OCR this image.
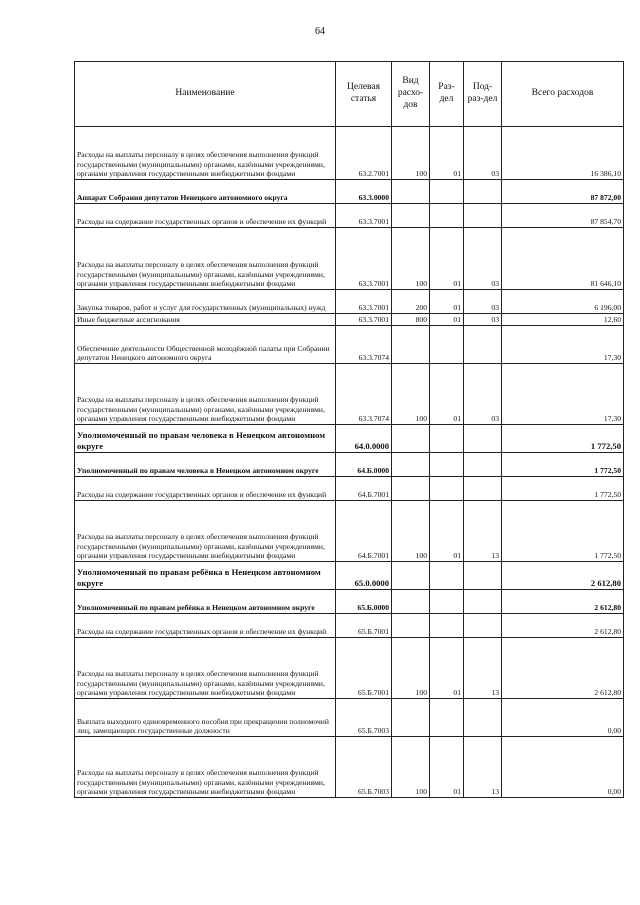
64
Наименование	Целевая статья	Вид расхо-дов	Раз-дел	Под-раз-дел	Всего расходов
Расходы на выплаты персоналу в целях обеспечения выполнения функций государственными (муниципальными) органами, казёнными учреждениями, органами управления государственными внебюджетными фондами	63.2.7001	100	01	03	16 386,10
Аппарат Собрания депутатов Ненецкого автономного округа	63.3.0000				87 872,00
Расходы на содержание государственных органов и обеспечение их функций	63.3.7001				87 854,70
Расходы на выплаты персоналу в целях обеспечения выполнения функций государственными (муниципальными) органами, казёнными учреждениями, органами управления государственными внебюджетными фондами	63.3.7001	100	01	03	81 646,10
Закупка товаров, работ и услуг для государственных (муниципальных) нужд	63.3.7001	200	01	03	6 196,00
Иные бюджетные ассигнования	63.3.7001	800	01	03	12,60
Обеспечение деятельности Общественной молодёжной палаты при Собрании депутатов Ненецкого автономного округа	63.3.7074				17,30
Расходы на выплаты персоналу в целях обеспечения выполнения функций государственными (муниципальными) органами, казёнными учреждениями, органами управления государственными внебюджетными фондами	63.3.7074	100	01	03	17,30
Уполномоченный по правам человека в Ненецком автономном округе	64.0.0000				1 772,50
Уполномоченный по правам человека в Ненецком автономном округе	64.Б.0000				1 772,50
Расходы на содержание государственных органов и обеспечение их функций	64.Б.7001				1 772,50
Расходы на выплаты персоналу в целях обеспечения выполнения функций государственными (муниципальными) органами, казёнными учреждениями, органами управления государственными внебюджетными фондами	64.Б.7001	100	01	13	1 772,50
Уполномоченный по правам ребёнка в Ненецком автономном округе	65.0.0000				2 612,80
Уполномоченный по правам ребёнка в Ненецком автономном округе	65.Б.0000				2 612,80
Расходы на содержание государственных органов и обеспечение их функций	65.Б.7001				2 612,80
Расходы на выплаты персоналу в целях обеспечения выполнения функций государственными (муниципальными) органами, казёнными учреждениями, органами управления государственными внебюджетными фондами	65.Б.7001	100	01	13	2 612,80
Выплата выходного единовременного пособия при прекращении полномочий лиц, замещающих государственные должности	65.Б.7003				0,00
Расходы на выплаты персоналу в целях обеспечения выполнения функций государственными (муниципальными) органами, казёнными учреждениями, органами управления государственными внебюджетными фондами	65.Б.7003	100	01	13	0,00
